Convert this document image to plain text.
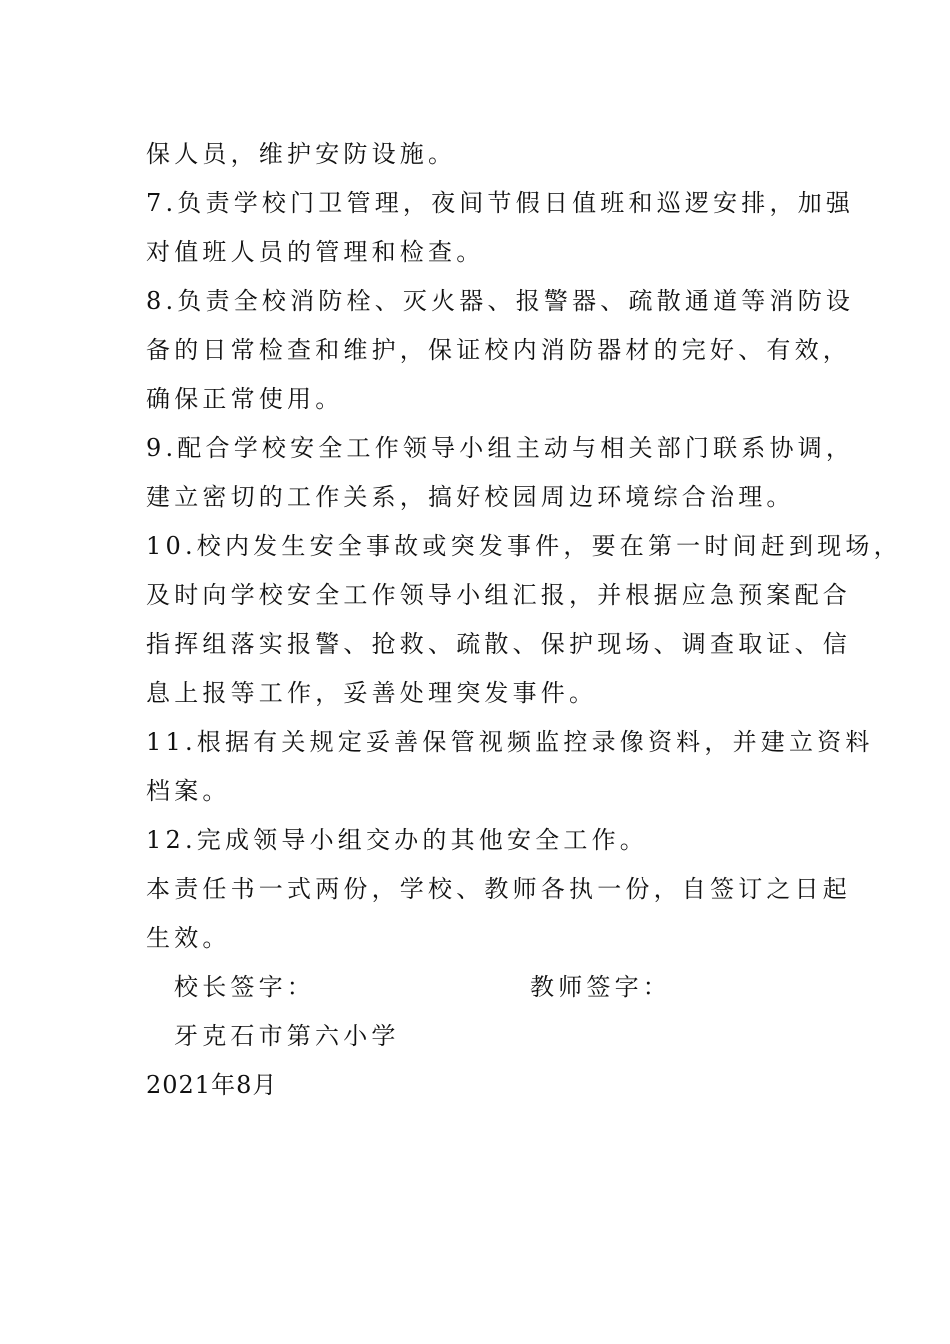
保人员，维护安防设施。
7.负责学校门卫管理，夜间节假日值班和巡逻安排，加强
对值班人员的管理和检查。
8.负责全校消防栓、灭火器、报警器、疏散通道等消防设
备的日常检查和维护，保证校内消防器材的完好、有效，
确保正常使用。
9.配合学校安全工作领导小组主动与相关部门联系协调，
建立密切的工作关系，搞好校园周边环境综合治理。
10.校内发生安全事故或突发事件，要在第一时间赶到现场，
及时向学校安全工作领导小组汇报，并根据应急预案配合
指挥组落实报警、抢救、疏散、保护现场、调查取证、信
息上报等工作，妥善处理突发事件。
11.根据有关规定妥善保管视频监控录像资料，并建立资料
档案。
12.完成领导小组交办的其他安全工作。
本责任书一式两份，学校、教师各执一份，自签订之日起
生效。
校长签字：	教师签字：
牙克石市第六小学
2021年8月
